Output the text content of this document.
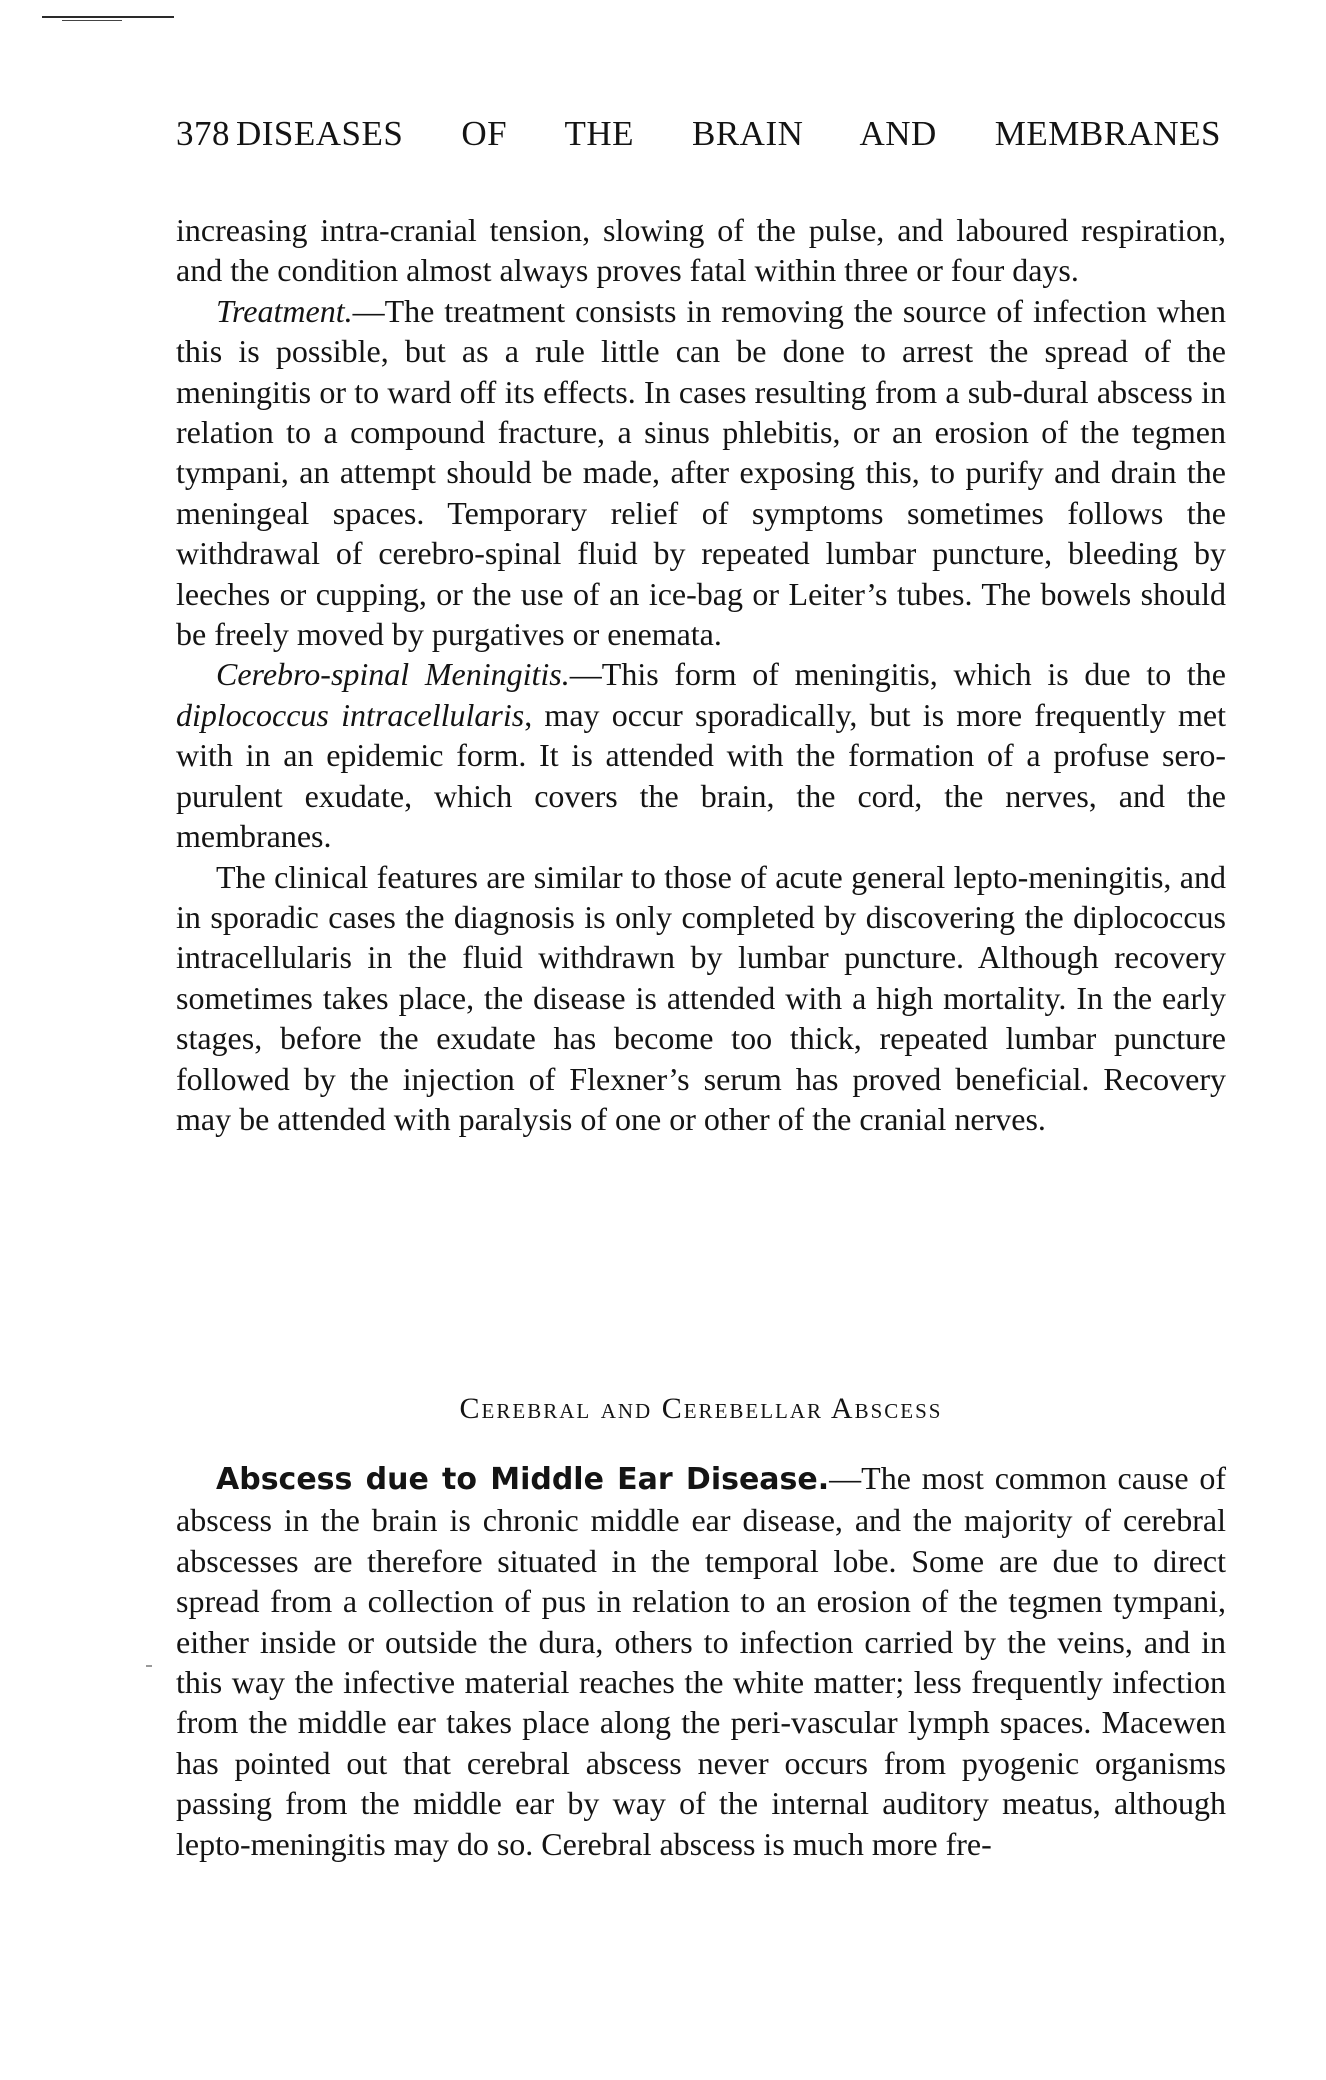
378 DISEASES OF THE BRAIN AND MEMBRANES

increasing intra-cranial tension, slowing of the pulse, and laboured respiration, and the condition almost always proves fatal within three or four days.

Treatment.—The treatment consists in removing the source of infection when this is possible, but as a rule little can be done to arrest the spread of the meningitis or to ward off its effects. In cases resulting from a sub-dural abscess in relation to a compound fracture, a sinus phlebitis, or an erosion of the tegmen tympani, an attempt should be made, after exposing this, to purify and drain the meningeal spaces. Temporary relief of symptoms sometimes follows the withdrawal of cerebro-spinal fluid by repeated lumbar puncture, bleeding by leeches or cupping, or the use of an ice-bag or Leiter’s tubes. The bowels should be freely moved by purgatives or enemata.

Cerebro-spinal Meningitis.—This form of meningitis, which is due to the diplococcus intracellularis, may occur sporadically, but is more frequently met with in an epidemic form. It is attended with the formation of a profuse sero-purulent exudate, which covers the brain, the cord, the nerves, and the membranes.

The clinical features are similar to those of acute general lepto-meningitis, and in sporadic cases the diagnosis is only completed by discovering the diplococcus intracellularis in the fluid withdrawn by lumbar puncture. Although recovery sometimes takes place, the disease is attended with a high mortality. In the early stages, before the exudate has become too thick, repeated lumbar puncture followed by the injection of Flexner’s serum has proved beneficial. Recovery may be attended with paralysis of one or other of the cranial nerves.

Cerebral and Cerebellar Abscess

Abscess due to Middle Ear Disease.—The most common cause of abscess in the brain is chronic middle ear disease, and the majority of cerebral abscesses are therefore situated in the temporal lobe. Some are due to direct spread from a collection of pus in relation to an erosion of the tegmen tympani, either inside or outside the dura, others to infection carried by the veins, and in this way the infective material reaches the white matter; less frequently infection from the middle ear takes place along the peri-vascular lymph spaces. Macewen has pointed out that cerebral abscess never occurs from pyogenic organisms passing from the middle ear by way of the internal auditory meatus, although lepto-meningitis may do so. Cerebral abscess is much more fre-
